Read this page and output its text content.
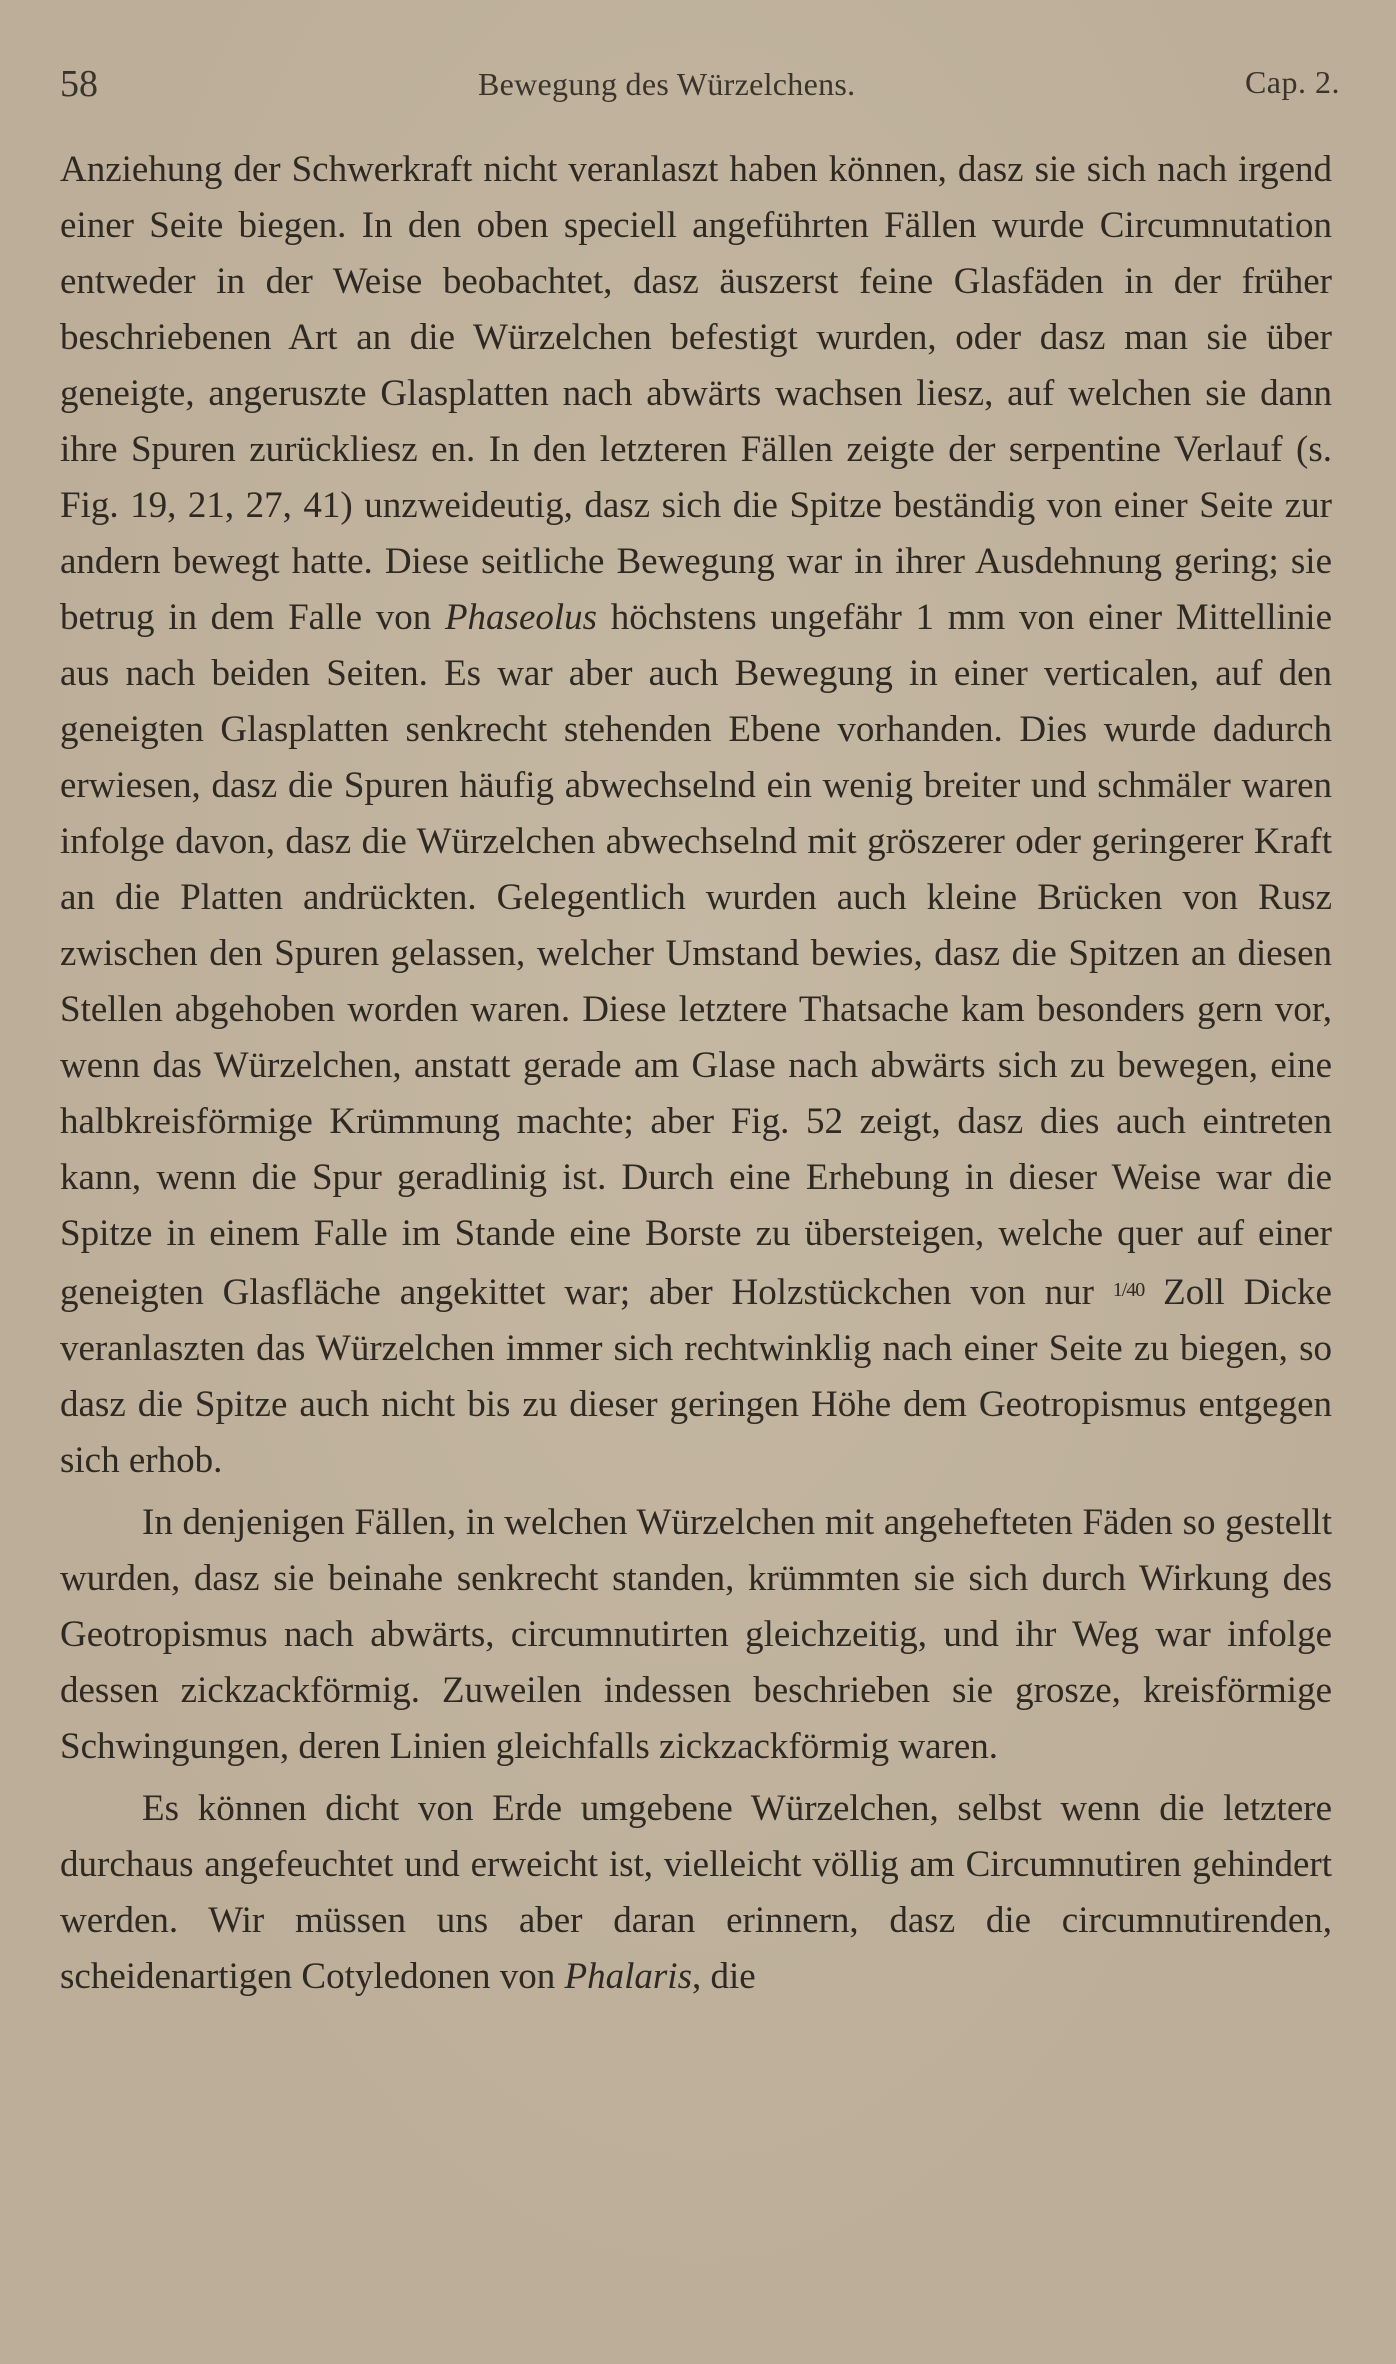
58	Bewegung des Würzelchens.	Cap. 2.

Anziehung der Schwerkraft nicht veranlaszt haben können, dasz sie sich nach irgend einer Seite biegen. In den oben speciell angeführten Fällen wurde Circumnutation entweder in der Weise beobachtet, dasz äuszerst feine Glasfäden in der früher beschriebenen Art an die Würzelchen befestigt wurden, oder dasz man sie über geneigte, angeruszte Glasplatten nach abwärts wachsen liesz, auf welchen sie dann ihre Spuren zurückliesz en. In den letzteren Fällen zeigte der serpentine Verlauf (s. Fig. 19, 21, 27, 41) unzweideutig, dasz sich die Spitze beständig von einer Seite zur andern bewegt hatte. Diese seitliche Bewegung war in ihrer Ausdehnung gering; sie betrug in dem Falle von Phaseolus höchstens ungefähr 1 mm von einer Mittellinie aus nach beiden Seiten. Es war aber auch Bewegung in einer verticalen, auf den geneigten Glasplatten senkrecht stehenden Ebene vorhanden. Dies wurde dadurch erwiesen, dasz die Spuren häufig abwechselnd ein wenig breiter und schmäler waren infolge davon, dasz die Würzelchen abwechselnd mit gröszerer oder geringerer Kraft an die Platten andrückten. Gelegentlich wurden auch kleine Brücken von Rusz zwischen den Spuren gelassen, welcher Umstand bewies, dasz die Spitzen an diesen Stellen abgehoben worden waren. Diese letztere Thatsache kam besonders gern vor, wenn das Würzelchen, anstatt gerade am Glase nach abwärts sich zu bewegen, eine halbkreisförmige Krümmung machte; aber Fig. 52 zeigt, dasz dies auch eintreten kann, wenn die Spur geradlinig ist. Durch eine Erhebung in dieser Weise war die Spitze in einem Falle im Stande eine Borste zu übersteigen, welche quer auf einer geneigten Glasfläche angekittet war; aber Holzstückchen von nur $^{1/40}$ Zoll Dicke veranlaszten das Würzelchen immer sich rechtwinklig nach einer Seite zu biegen, so dasz die Spitze auch nicht bis zu dieser geringen Höhe dem Geotropismus entgegen sich erhob.

In denjenigen Fällen, in welchen Würzelchen mit angehefteten Fäden so gestellt wurden, dasz sie beinahe senkrecht standen, krümmten sie sich durch Wirkung des Geotropismus nach abwärts, circumnutirten gleichzeitig, und ihr Weg war infolge dessen zickzackförmig. Zuweilen indessen beschrieben sie grosze, kreisförmige Schwingungen, deren Linien gleichfalls zickzackförmig waren.

Es können dicht von Erde umgebene Würzelchen, selbst wenn die letztere durchaus angefeuchtet und erweicht ist, vielleicht völlig am Circumnutiren gehindert werden. Wir müssen uns aber daran erinnern, dasz die circumnutirenden, scheidenartigen Cotyledonen von Phalaris, die
